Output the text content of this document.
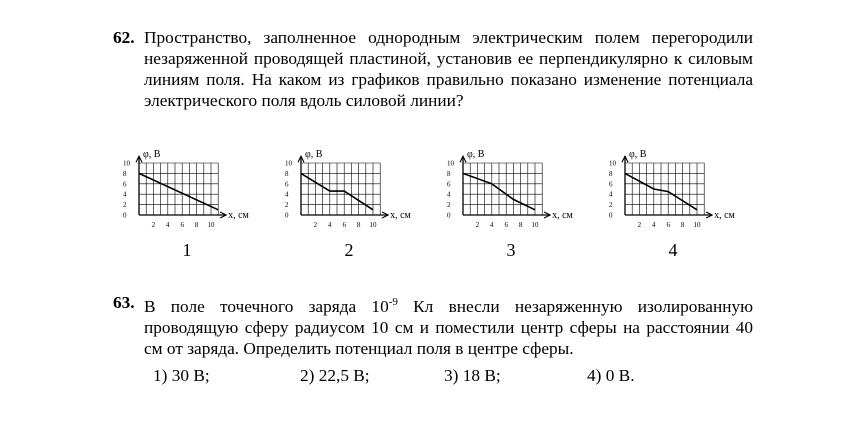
62. Пространство, заполненное однородным электрическим полем перегородили незаряженной проводящей пластиной, установив ее перпендикулярно к силовым линиям поля. На каком из графиков правильно показано изменение потенциала электрического поля вдоль силовой линии?
10
8
6
4
2
0
2 4 6 8 10
φ, В
x, см
10
8
6
4
2
0
2 4 6 8 10
φ, В
x, см
10
8
6
4
2
0
2 4 6 8 10
φ, В
x, см
10
8
6
4
2
0
2 4 6 8 10
φ, В
x, см
1	2	3	4
63. В поле точечного заряда $10^{-9}$ Кл внесли незаряженную изолированную проводящую сферу радиусом 10 см и поместили центр сферы на расстоянии 40 см от заряда. Определить потенциал поля в центре сферы.
1) 30 В;	2) 22,5 В;	3) 18 В;	4) 0 В.
